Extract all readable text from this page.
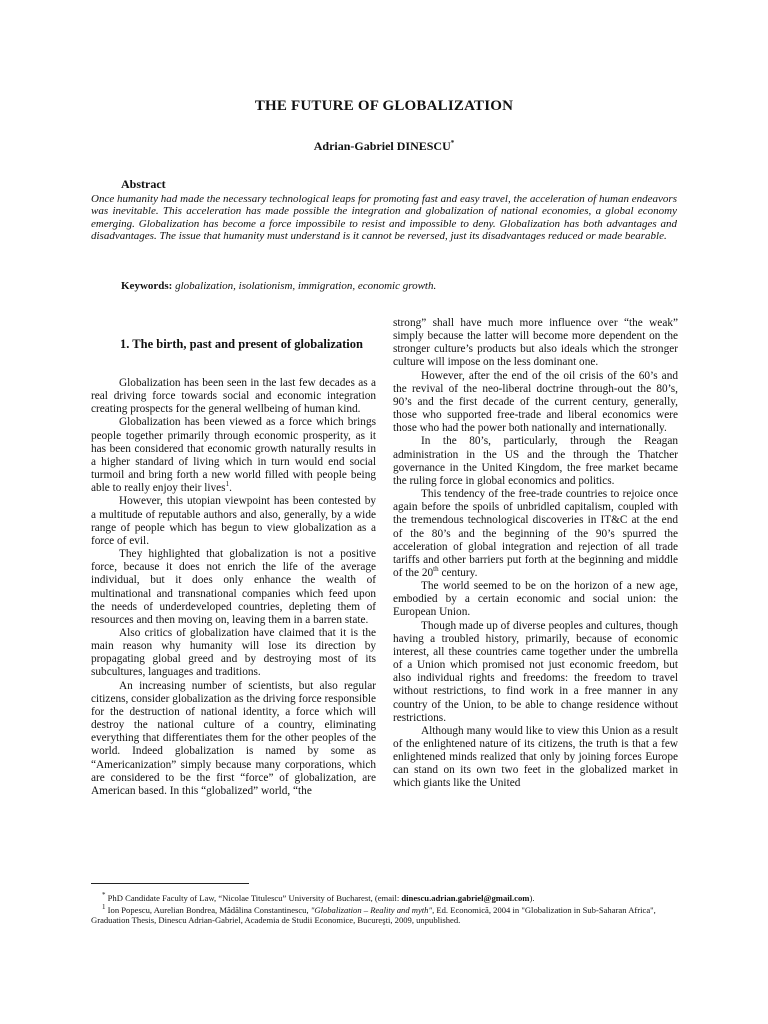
THE FUTURE OF GLOBALIZATION
Adrian-Gabriel DINESCU*
Abstract
Once humanity had made the necessary technological leaps for promoting fast and easy travel, the acceleration of human endeavors was inevitable. This acceleration has made possible the integration and globalization of national economies, a global economy emerging. Globalization has become a force impossibile to resist and impossible to deny. Globalization has both advantages and disadvantages. The issue that humanity must understand is it cannot be reversed, just its disadvantages reduced or made bearable.
Keywords: globalization, isolationism, immigration, economic growth.
1. The birth, past and present of globalization

Globalization has been seen in the last few decades as a real driving force towards social and economic integration creating prospects for the general wellbeing of human kind.

Globalization has been viewed as a force which brings people together primarily through economic prosperity, as it has been considered that economic growth naturally results in a higher standard of living which in turn would end social turmoil and bring forth a new world filled with people being able to really enjoy their lives$^1$.

However, this utopian viewpoint has been contested by a multitude of reputable authors and also, generally, by a wide range of people which has begun to view globalization as a force of evil.

They highlighted that globalization is not a positive force, because it does not enrich the life of the average individual, but it does only enhance the wealth of multinational and transnational companies which feed upon the needs of underdeveloped countries, depleting them of resources and then moving on, leaving them in a barren state.

Also critics of globalization have claimed that it is the main reason why humanity will lose its direction by propagating global greed and by destroying most of its subcultures, languages and traditions.

An increasing number of scientists, but also regular citizens, consider globalization as the driving force responsible for the destruction of national identity, a force which will destroy the national culture of a country, eliminating everything that differentiates them for the other peoples of the world. Indeed globalization is named by some as “Americanization” simply because many corporations, which are considered to be the first “force” of globalization, are American based. In this “globalized” world, “the

strong” shall have much more influence over “the weak” simply because the latter will become more dependent on the stronger culture’s products but also ideals which the stronger culture will impose on the less dominant one.

However, after the end of the oil crisis of the 60’s and the revival of the neo-liberal doctrine through-out the 80’s, 90’s and the first decade of the current century, generally, those who supported free-trade and liberal economics were those who had the power both nationally and internationally.

In the 80’s, particularly, through the Reagan administration in the US and the through the Thatcher governance in the United Kingdom, the free market became the ruling force in global economics and politics.

This tendency of the free-trade countries to rejoice once again before the spoils of unbridled capitalism, coupled with the tremendous technological discoveries in IT&C at the end of the 80’s and the beginning of the 90’s spurred the acceleration of global integration and rejection of all trade tariffs and other barriers put forth at the beginning and middle of the 20th century.

The world seemed to be on the horizon of a new age, embodied by a certain economic and social union: the European Union.

Though made up of diverse peoples and cultures, though having a troubled history, primarily, because of economic interest, all these countries came together under the umbrella of a Union which promised not just economic freedom, but also individual rights and freedoms: the freedom to travel without restrictions, to find work in a free manner in any country of the Union, to be able to change residence without restrictions.

Although many would like to view this Union as a result of the enlightened nature of its citizens, the truth is that a few enlightened minds realized that only by joining forces Europe can stand on its own two feet in the globalized market in which giants like the United

* PhD Candidate Faculty of Law, “Nicolae Titulescu” University of Bucharest, (email: dinescu.adrian.gabriel@gmail.com).

$^1$ Ion Popescu, Aurelian Bondrea, Mădălina Constantinescu, "Globalization – Reality and myth", Ed. Economică, 2004 in "Globalization in Sub-Saharan Africa", Graduation Thesis, Dinescu Adrian-Gabriel, Academia de Studii Economice, Bucureşti, 2009, unpublished.
